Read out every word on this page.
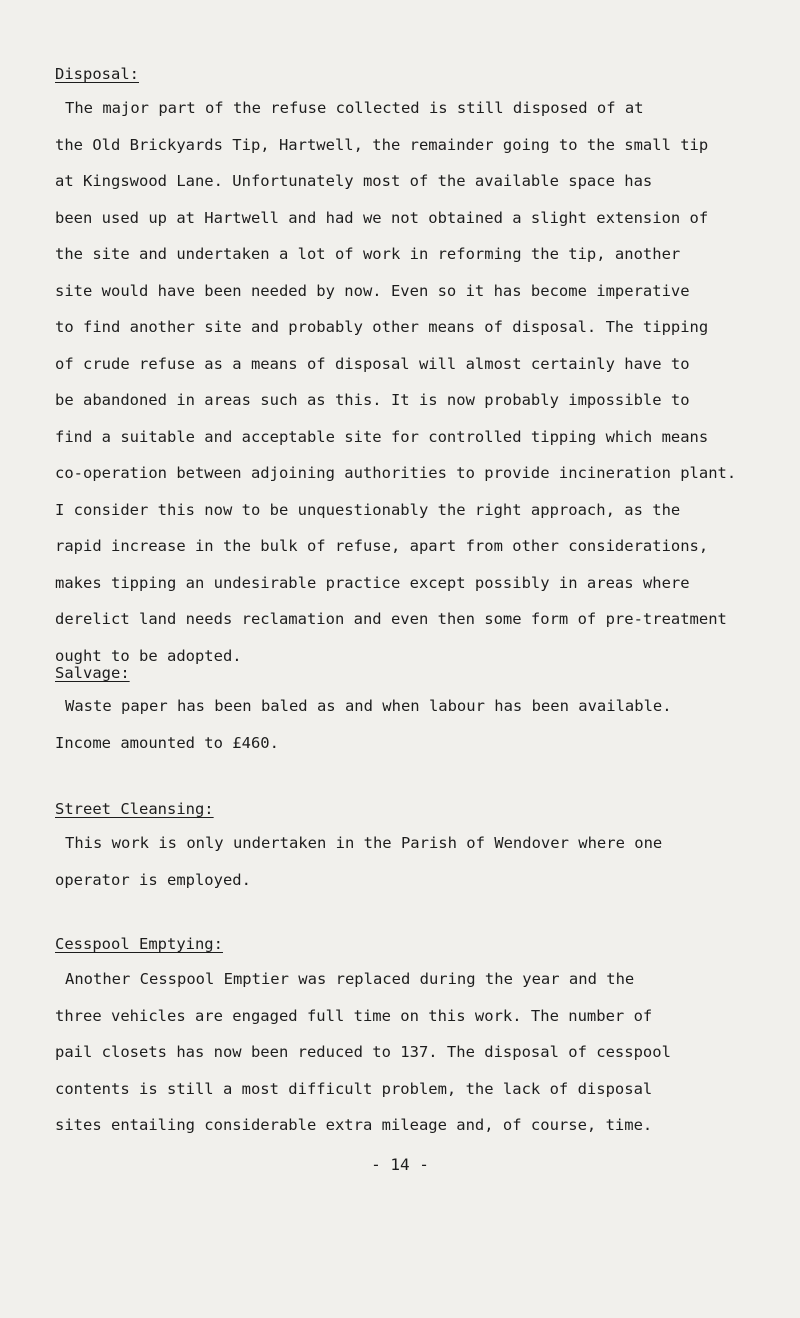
Disposal:
The major part of the refuse collected is still disposed of at
the Old Brickyards Tip, Hartwell, the remainder going to the small tip
at Kingswood Lane. Unfortunately most of the available space has
been used up at Hartwell and had we not obtained a slight extension of
the site and undertaken a lot of work in reforming the tip, another
site would have been needed by now. Even so it has become imperative
to find another site and probably other means of disposal. The tipping
of crude refuse as a means of disposal will almost certainly have to
be abandoned in areas such as this. It is now probably impossible to
find a suitable and acceptable site for controlled tipping which means
co-operation between adjoining authorities to provide incineration plant.
I consider this now to be unquestionably the right approach, as the
rapid increase in the bulk of refuse, apart from other considerations,
makes tipping an undesirable practice except possibly in areas where
derelict land needs reclamation and even then some form of pre-treatment
ought to be adopted.
Salvage:
Waste paper has been baled as and when labour has been available.
Income amounted to £460.
Street Cleansing:
This work is only undertaken in the Parish of Wendover where one
operator is employed.
Cesspool Emptying:
Another Cesspool Emptier was replaced during the year and the
three vehicles are engaged full time on this work. The number of
pail closets has now been reduced to 137. The disposal of cesspool
contents is still a most difficult problem, the lack of disposal
sites entailing considerable extra mileage and, of course, time.
- 14 -
